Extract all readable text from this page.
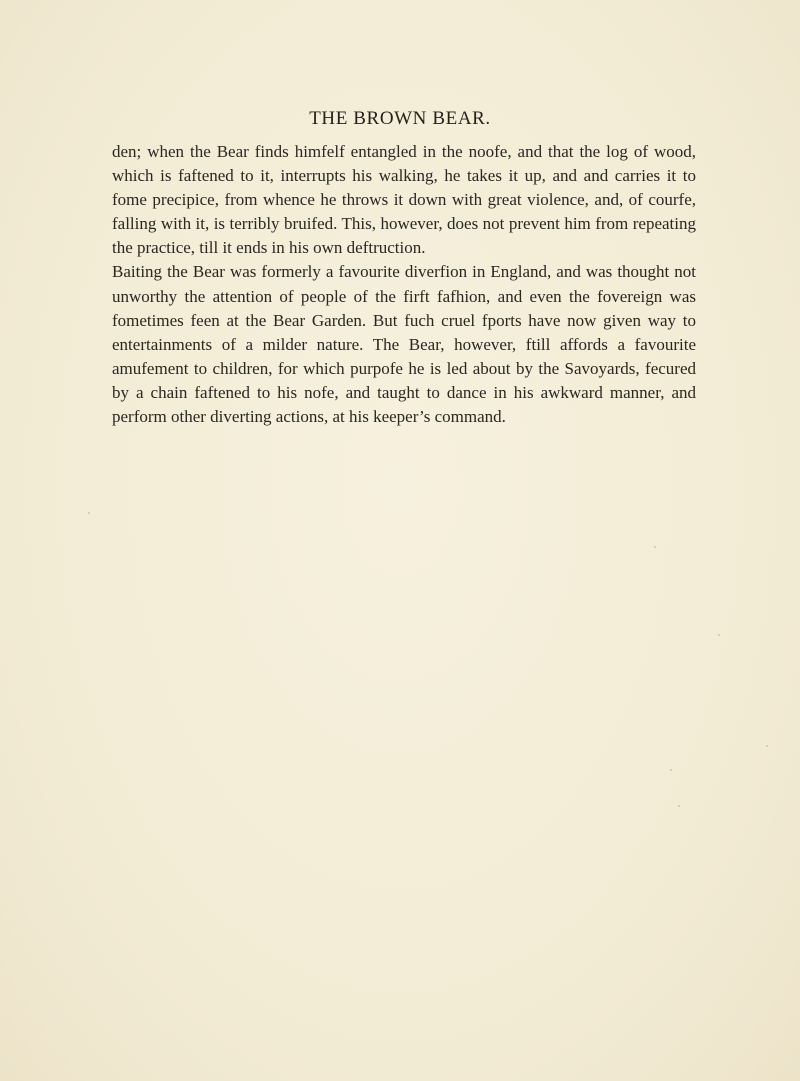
THE BROWN BEAR.

den; when the Bear finds himfelf entangled in the noofe, and that the log of wood, which is faftened to it, interrupts his walking, he takes it up, and and carries it to fome precipice, from whence he throws it down with great violence, and, of courfe, falling with it, is terribly bruifed. This, however, does not prevent him from repeating the practice, till it ends in his own deftruction.

Baiting the Bear was formerly a favourite diverfion in England, and was thought not unworthy the attention of people of the firft fafhion, and even the fovereign was fometimes feen at the Bear Garden. But fuch cruel fports have now given way to entertainments of a milder nature. The Bear, however, ftill affords a favourite amufement to children, for which purpofe he is led about by the Savoyards, fecured by a chain faftened to his nofe, and taught to dance in his awkward manner, and perform other diverting actions, at his keeper’s command.
